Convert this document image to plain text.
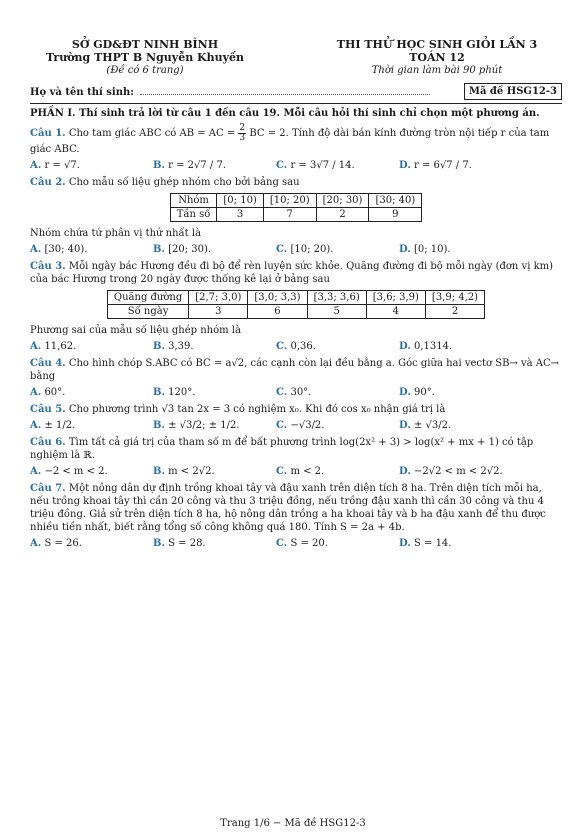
SỞ GD&ĐT NINH BÌNH
Trường THPT B Nguyễn Khuyến
(Đề có 6 trang)
THI THỬ HỌC SINH GIỎI LẦN 3
TOÁN 12
Thời gian làm bài 90 phút
Họ và tên thí sinh:	Mã đề HSG12-3
PHẦN I. Thí sinh trả lời từ câu 1 đến câu 19. Mỗi câu hỏi thí sinh chỉ chọn một phương án.
Câu 1. Cho tam giác ABC có AB = AC = $\frac{2}{3}$ BC = 2. Tính độ dài bán kính đường tròn nội tiếp r của tam giác ABC.
A. r = √7.	B. r = 2√7 / 7.	C. r = 3√7 / 14.	D. r = 6√7 / 7.
Câu 2. Cho mẫu số liệu ghép nhóm cho bởi bảng sau
Nhóm	[0; 10)	[10; 20)	[20; 30)	[30; 40)
Tần số	3	7	2	9
Nhóm chứa tứ phân vị thứ nhất là
A. [30; 40).	B. [20; 30).	C. [10; 20).	D. [0; 10).
Câu 3. Mỗi ngày bác Hương đều đi bộ để rèn luyện sức khỏe. Quãng đường đi bộ mỗi ngày (đơn vị km) của bác Hương trong 20 ngày được thống kê lại ở bảng sau
Quãng đường	[2,7; 3,0)	[3,0; 3,3)	[3,3; 3,6)	[3,6; 3,9)	[3,9; 4,2)
Số ngày	3	6	5	4	2
Phương sai của mẫu số liệu ghép nhóm là
A. 11,62.	B. 3,39.	C. 0,36.	D. 0,1314.
Câu 4. Cho hình chóp S.ABC có BC = a√2, các cạnh còn lại đều bằng a. Góc giữa hai vectơ SB→ và AC→ bằng
A. 60°.	B. 120°.	C. 30°.	D. 90°.
Câu 5. Cho phương trình √3 tan 2x = 3 có nghiệm x₀. Khi đó cos x₀ nhận giá trị là
A. ± 1/2.	B. ± √3/2; ± 1/2.	C. −√3/2.	D. ± √3/2.
Câu 6. Tìm tất cả giá trị của tham số m để bất phương trình log(2x² + 3) > log(x² + mx + 1) có tập nghiệm là ℝ.
A. −2 < m < 2.	B. m < 2√2.	C. m < 2.	D. −2√2 < m < 2√2.
Câu 7. Một nông dân dự định trồng khoai tây và đậu xanh trên diện tích 8 ha. Trên diện tích mỗi ha, nếu trồng khoai tây thì cần 20 công và thu 3 triệu đồng, nếu trồng đậu xanh thì cần 30 công và thu 4 triệu đồng. Giả sử trên diện tích 8 ha, hộ nông dân trồng a ha khoai tây và b ha đậu xanh để thu được nhiều tiền nhất, biết rằng tổng số công không quá 180. Tính S = 2a + 4b.
A. S = 26.	B. S = 28.	C. S = 20.	D. S = 14.
Trang 1/6 − Mã đề HSG12-3
